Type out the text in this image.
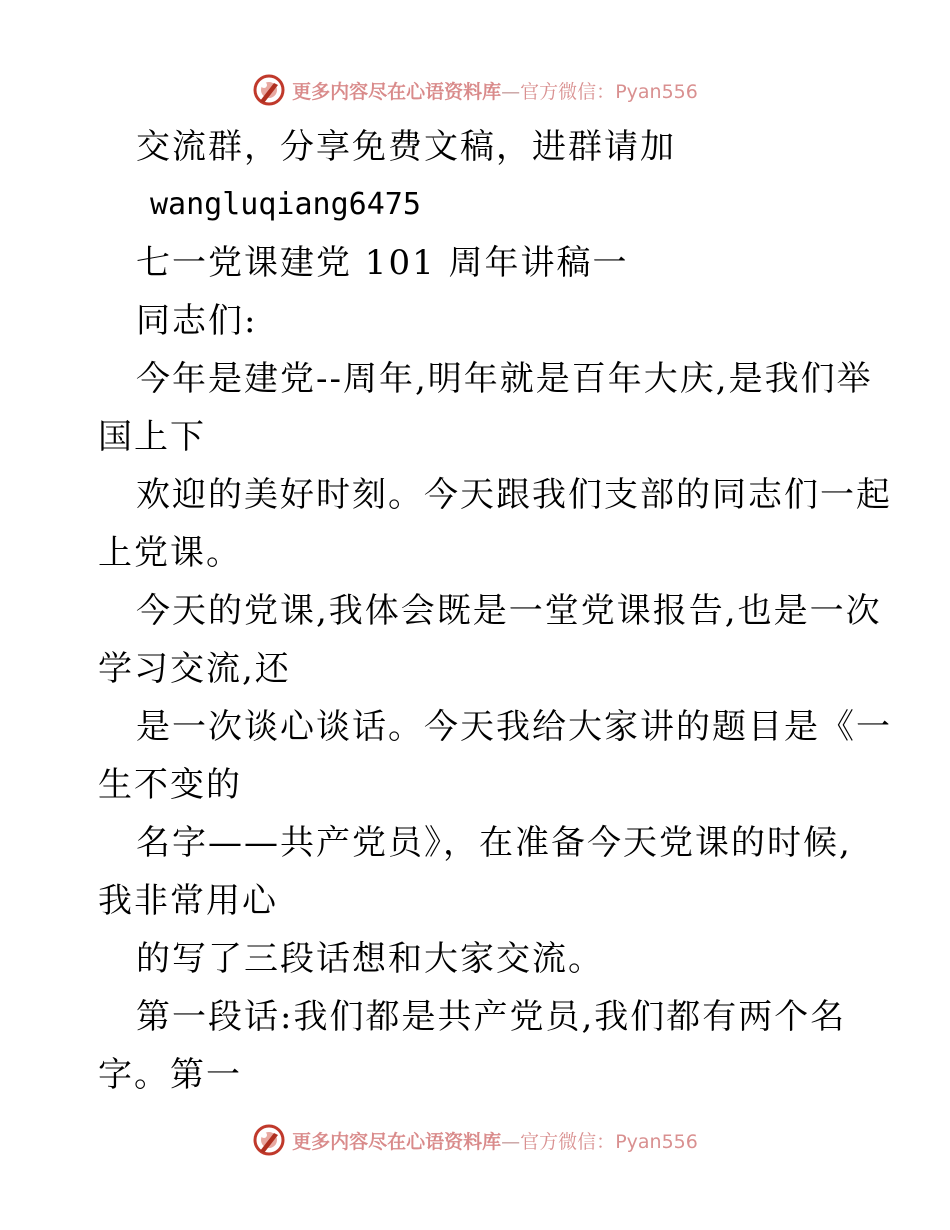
更多内容尽在心语资料库—官方微信：Pyan556
交流群，分享免费文稿，进群请加
wangluqiang6475
七一党课建党 101 周年讲稿一
同志们:
今年是建党--周年,明年就是百年大庆,是我们举
国上下
欢迎的美好时刻。今天跟我们支部的同志们一起
上党课。
今天的党课,我体会既是一堂党课报告,也是一次
学习交流,还
是一次谈心谈话。今天我给大家讲的题目是《一
生不变的
名字——共产党员》，在准备今天党课的时候,
我非常用心
的写了三段话想和大家交流。
第一段话:我们都是共产党员,我们都有两个名
字。第一
更多内容尽在心语资料库—官方微信：Pyan556
